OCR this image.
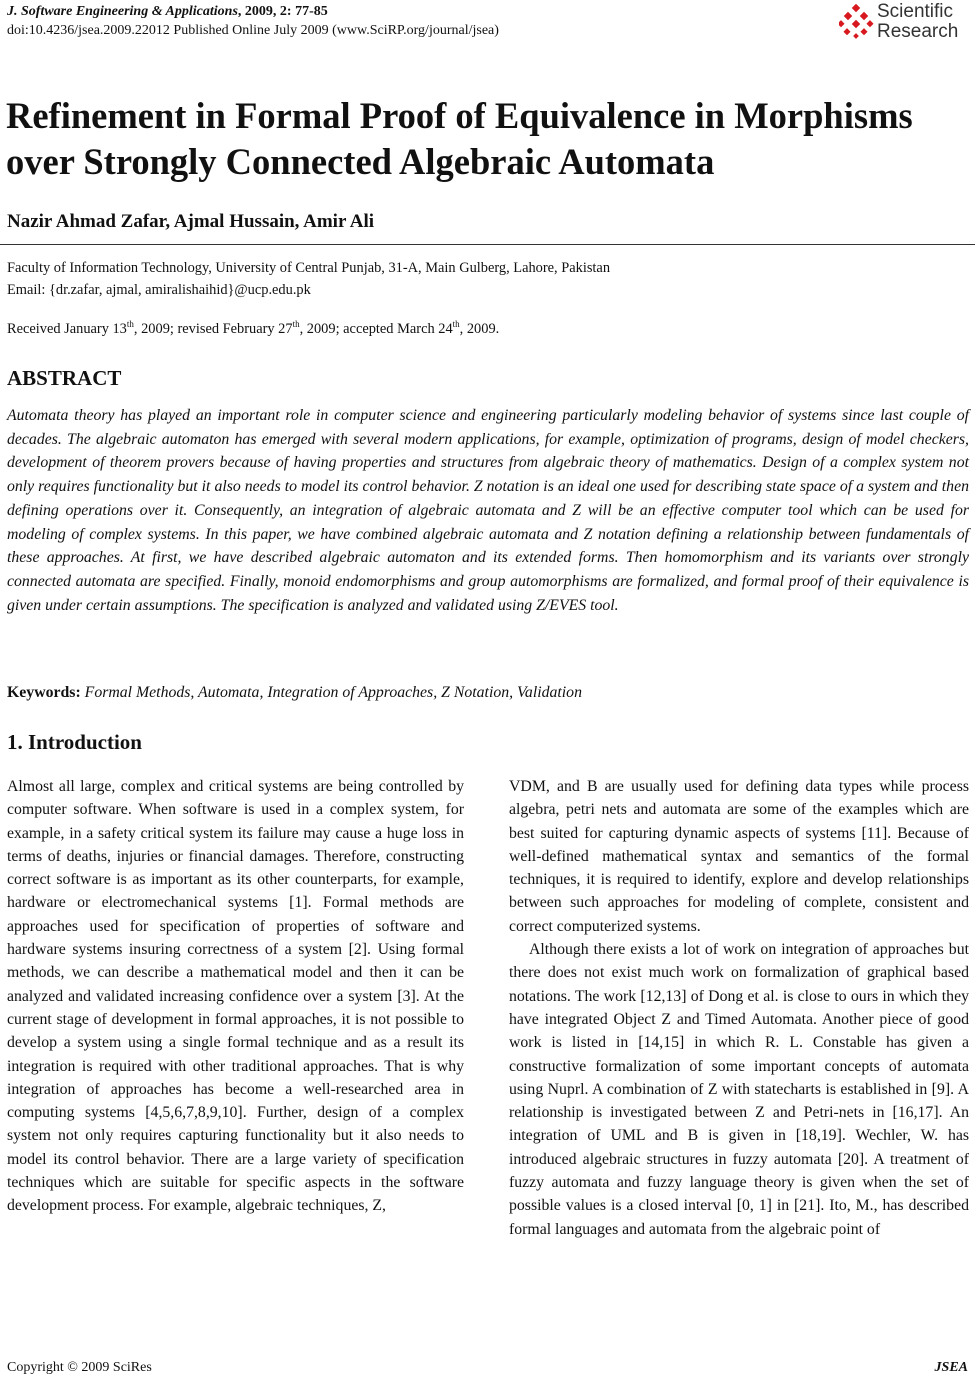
J. Software Engineering & Applications, 2009, 2: 77-85
doi:10.4236/jsea.2009.22012 Published Online July 2009 (www.SciRP.org/journal/jsea)
Scientific
Research
Refinement in Formal Proof of Equivalence in Morphisms over Strongly Connected Algebraic Automata
Nazir Ahmad Zafar, Ajmal Hussain, Amir Ali
Faculty of Information Technology, University of Central Punjab, 31-A, Main Gulberg, Lahore, Pakistan
Email: {dr.zafar, ajmal, amiralishaihid}@ucp.edu.pk
Received January 13th, 2009; revised February 27th, 2009; accepted March 24th, 2009.
ABSTRACT
Automata theory has played an important role in computer science and engineering particularly modeling behavior of systems since last couple of decades. The algebraic automaton has emerged with several modern applications, for example, optimization of programs, design of model checkers, development of theorem provers because of having properties and structures from algebraic theory of mathematics. Design of a complex system not only requires functionality but it also needs to model its control behavior. Z notation is an ideal one used for describing state space of a system and then defining operations over it. Consequently, an integration of algebraic automata and Z will be an effective computer tool which can be used for modeling of complex systems. In this paper, we have combined algebraic automata and Z notation defining a relationship between fundamentals of these approaches. At first, we have described algebraic automaton and its extended forms. Then homomorphism and its variants over strongly connected automata are specified. Finally, monoid endomorphisms and group automorphisms are formalized, and formal proof of their equivalence is given under certain assumptions. The specification is analyzed and validated using Z/EVES tool.
Keywords: Formal Methods, Automata, Integration of Approaches, Z Notation, Validation
1. Introduction

Almost all large, complex and critical systems are being controlled by computer software. When software is used in a complex system, for example, in a safety critical system its failure may cause a huge loss in terms of deaths, injuries or financial damages. Therefore, constructing correct software is as important as its other counterparts, for example, hardware or electromechanical systems [1]. Formal methods are approaches used for specification of properties of software and hardware systems insuring correctness of a system [2]. Using formal methods, we can describe a mathematical model and then it can be analyzed and validated increasing confidence over a system [3]. At the current stage of development in formal approaches, it is not possible to develop a system using a single formal technique and as a result its integration is required with other traditional approaches. That is why integration of approaches has become a well-researched area in computing systems [4,5,6,7,8,9,10]. Further, design of a complex system not only requires capturing functionality but it also needs to model its control behavior. There are a large variety of specification techniques which are suitable for specific aspects in the software development process. For example, algebraic techniques, Z,

VDM, and B are usually used for defining data types while process algebra, petri nets and automata are some of the examples which are best suited for capturing dynamic aspects of systems [11]. Because of well-defined mathematical syntax and semantics of the formal techniques, it is required to identify, explore and develop relationships between such approaches for modeling of complete, consistent and correct computerized systems.

Although there exists a lot of work on integration of approaches but there does not exist much work on formalization of graphical based notations. The work [12,13] of Dong et al. is close to ours in which they have integrated Object Z and Timed Automata. Another piece of good work is listed in [14,15] in which R. L. Constable has given a constructive formalization of some important concepts of automata using Nuprl. A combination of Z with statecharts is established in [9]. A relationship is investigated between Z and Petri-nets in [16,17]. An integration of UML and B is given in [18,19]. Wechler, W. has introduced algebraic structures in fuzzy automata [20]. A treatment of fuzzy automata and fuzzy language theory is given when the set of possible values is a closed interval [0, 1] in [21]. Ito, M., has described formal languages and automata from the algebraic point of

Copyright © 2009 SciRes	JSEA
